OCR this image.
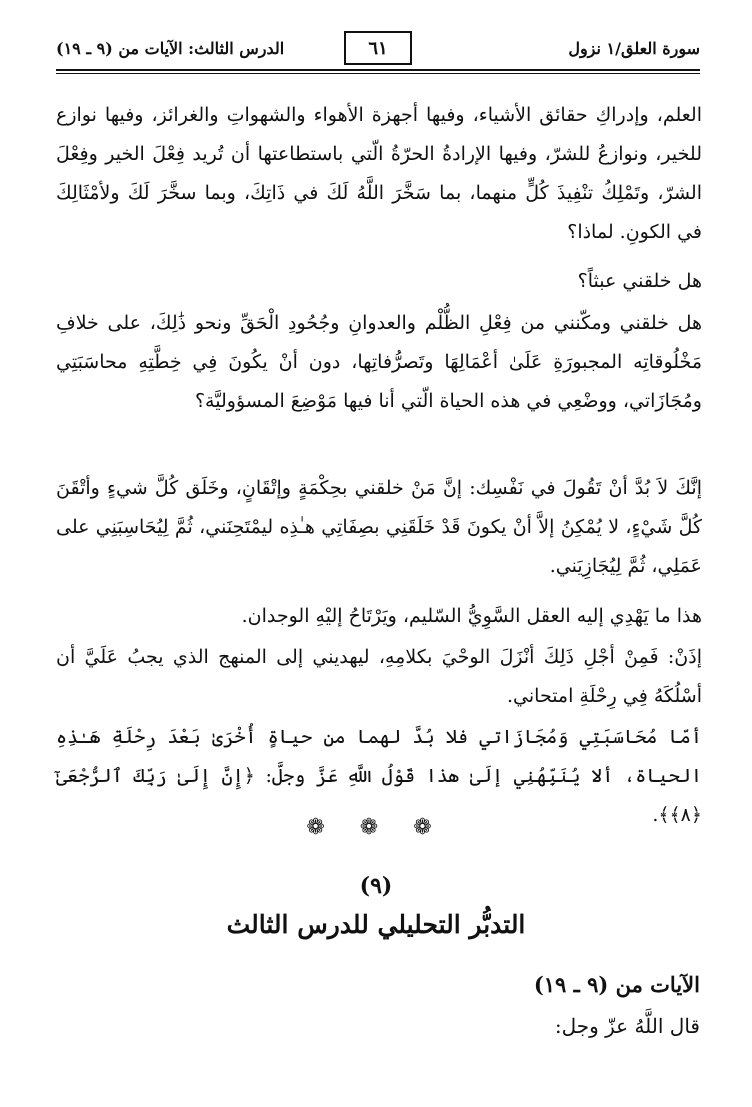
سورة العلق/١ نزول
٦١
الدرس الثالث: الآيات من (٩ ـ ١٩)

العلم، وإدراكِ حقائق الأشياء، وفيها أجهزة الأهواء والشهواتِ والغرائز، وفيها نوازع للخير، ونوازعُ للشرّ، وفيها الإرادةُ الحرّةُ الّتي باستطاعتها أن تُريد فِعْلَ الخير وفِعْلَ الشرّ، وتَمْلِكُ تنْفِيذَ كُلٍّ منهما، بما سَخَّرَ اللَّهُ لَكَ في ذَاتِكَ، وبما سخَّرَ لَكَ ولأمْثَالِكَ في الكونِ. لماذا؟

هل خلقني عبثاً؟

هل خلقني ومكّنني من فِعْلِ الظُّلْم والعدوانِ وجُحُودِ الْحَقِّ ونحو ذَٰلِكَ، على خلافِ مَخْلُوقاتِه المجبورَةِ عَلَىٰ أعْمَالِهَا وتَصرُّفاتِها، دون أنْ يكُونَ فِي خِطَّتِهِ محاسَبَتِي ومُجَازَاتي، ووضْعِي في هذه الحياة الّتي أنا فيها مَوْضِعَ المسؤوليَّة؟

إنَّكَ لاَ بُدَّ أنْ تَقُولَ في نَفْسِك: إنَّ مَنْ خلقني بحِكْمَةٍ وإتْقَانٍ، وخَلَق كُلَّ شيءٍ وأتْقَنَ كُلَّ شَيْءٍ، لا يُمْكِنُ إلاَّ أنْ يكونَ قَدْ خَلَقَنِي بصِفَاتِي هـٰذِه ليمْتَحِنَني، ثُمَّ لِيُحَاسِبَنِي على عَمَلِي، ثُمَّ لِيُجَازِيَني.

هذا ما يَهْدِي إليه العقل السَّوِيُّ السّليم، ويَرْتَاحُ إليْهِ الوجدان.

إذَنْ: فَمِنْ أجْلِ ذَلِكَ أنْزَلَ الوحْيَ بكلامِهِ، ليهديني إلى المنهج الذي يجبُ عَلَيَّ أن أسْلُكَهُ فِي رِحْلَةِ امتحاني.

أمّا مُحَاسَبَتِي وَمُجَازَاتي فلا بُدَّ لهما من حياةٍ أُخْرَىٰ بَعْدَ رِحْلَةِ هَـٰذِهِ الحياة، ألا يُنَبِّهُنِي إلَىٰ هذا قَوْلُ اللَّهِ عَزَّ وجلَّ: ﴿إِنَّ إِلَىٰ رَبِّكَ ٱلرُّجْعَىٰٓ ﴿٨﴾﴾.

❁ ❁ ❁
(٩)
التدبُّر التحليلي للدرس الثالث
الآيات من (٩ ـ ١٩)
قال اللَّهُ عزّ وجل:
